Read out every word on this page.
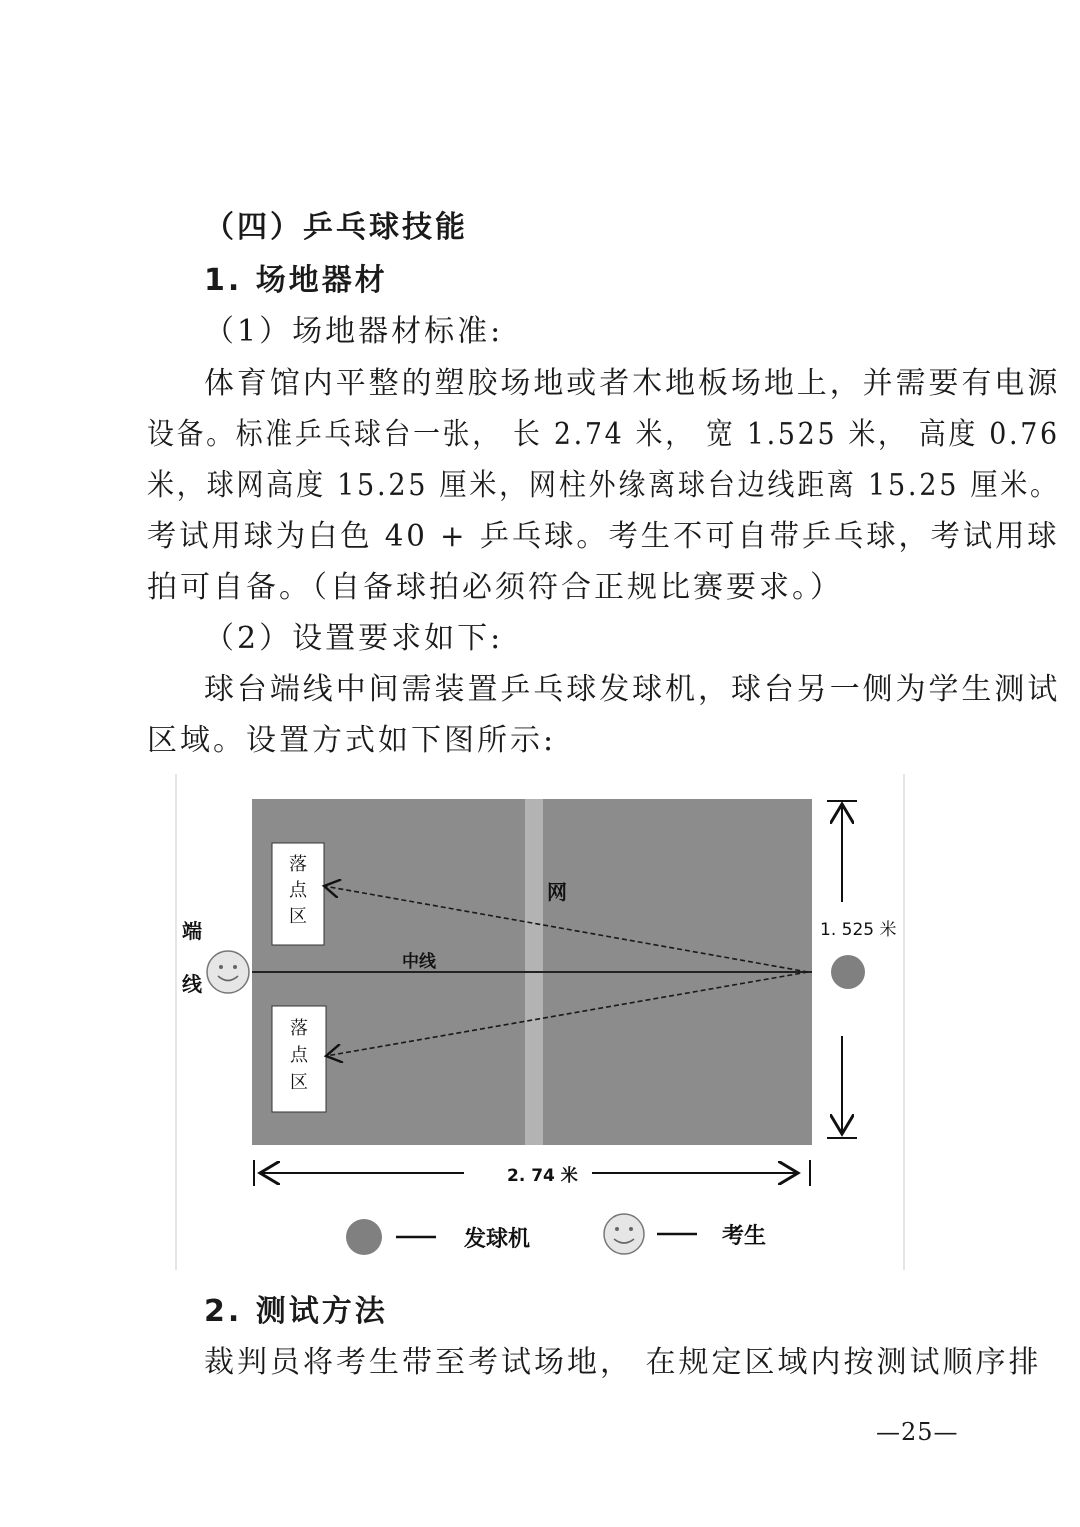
（四）乒乓球技能
1. 场地器材
（1）场地器材标准:
体育馆内平整的塑胶场地或者木地板场地上，并需要有电源
设备。标准乒乓球台一张， 长 2.74 米， 宽 1.525 米， 高度 0.76
米，球网高度 15.25 厘米，网柱外缘离球台边线距离 15.25 厘米。
考试用球为白色 40 + 乒乓球。考生不可自带乒乓球，考试用球
拍可自备。（自备球拍必须符合正规比赛要求。）
（2）设置要求如下:
球台端线中间需装置乒乓球发球机，球台另一侧为学生测试
区域。设置方式如下图所示:
网
中线
落
点
区
落
点
区
端
线
1. 525 米
2. 74 米
发球机	考生
2. 测试方法
裁判员将考生带至考试场地， 在规定区域内按测试顺序排
—25—
